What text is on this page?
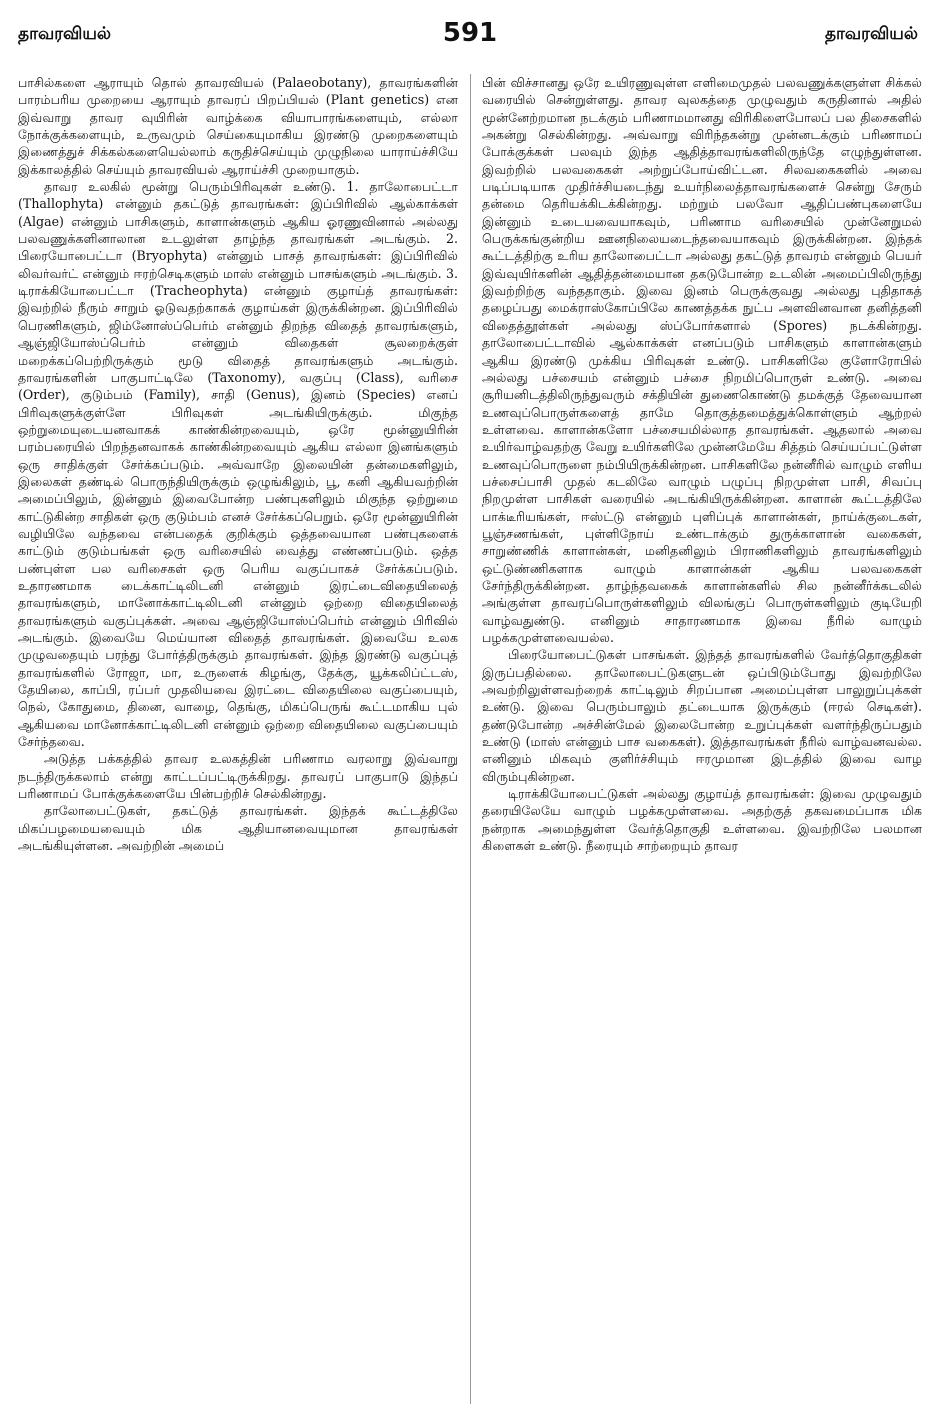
தாவரவியல்	591	தாவரவியல்

பாசில்களை ஆராயும் தொல் தாவரவியல் (Palaeobotany), தாவரங்களின் பாரம்பரிய முறையை ஆராயும் தாவரப் பிறப்பியல் (Plant genetics) என இவ்வாறு தாவர வுயிரின் வாழ்க்கை வியாபாரங்களையும், எல்லா நோக்குக்களையும், உருவமும் செய்கையுமாகிய இரண்டு முறைகளையும் இணைத்துச் சிக்கல்களையெல்லாம் கருதிச்செய்யும் முழுநிலை யாராய்ச்சியே இக்காலத்தில் செய்யும் தாவரவியல் ஆராய்ச்சி முறையாகும்.

தாவர உலகில் மூன்று பெரும்பிரிவுகள் உண்டு. 1. தாலோபைட்டா (Thallophyta) என்னும் தகட்டுத் தாவரங்கள்: இப்பிரிவில் ஆல்காக்கள் (Algae) என்னும் பாசிகளும், காளான்களும் ஆகிய ஓரணுவினால் அல்லது பலவணுக்களினாலான உடலுள்ள தாழ்ந்த தாவரங்கள் அடங்கும். 2. பிரையோபைட்டா (Bryophyta) என்னும் பாசத் தாவரங்கள்: இப்பிரிவில் லிவர்வர்ட் என்னும் ஈரற்செடிகளும் மாஸ் என்னும் பாசங்களும் அடங்கும். 3. டிராக்கியோபைட்டா (Tracheophyta) என்னும் குழாய்த் தாவரங்கள்: இவற்றில் நீரும் சாறும் ஓடுவதற்காகக் குழாய்கள் இருக்கின்றன. இப்பிரிவில் பெரணிகளும், ஜிம்னோஸ்ப்பெர்ம் என்னும் திறந்த விதைத் தாவரங்களும், ஆஞ்ஜியோஸ்ப்பெர்ம் என்னும் விதைகள் சூலறைக்குள் மறைக்கப்பெற்றிருக்கும் மூடு விதைத் தாவரங்களும் அடங்கும். தாவரங்களின் பாகுபாட்டிலே (Taxonomy), வகுப்பு (Class), வரிசை (Order), குடும்பம் (Family), சாதி (Genus), இனம் (Species) எனப் பிரிவுகளுக்குள்ளே பிரிவுகள் அடங்கியிருக்கும். மிகுந்த ஒற்றுமையுடையனவாகக் காண்கின்றவையும், ஒரே மூன்னுயிரின் பரம்பரையில் பிறந்தனவாகக் காண்கின்றவையும் ஆகிய எல்லா இனங்களும் ஒரு சாதிக்குள் சேர்க்கப்படும். அவ்வாறே இலையின் தன்மைகளிலும், இலைகள் தண்டில் பொருந்தியிருக்கும் ஒழுங்கிலும், பூ, கனி ஆகியவற்றின் அமைப்பிலும், இன்னும் இவைபோன்ற பண்புகளிலும் மிகுந்த ஒற்றுமை காட்டுகின்ற சாதிகள் ஒரு குடும்பம் எனச் சேர்க்கப்பெறும். ஒரே மூன்னுயிரின் வழியிலே வந்தவை என்பதைக் குறிக்கும் ஒத்தவையான பண்புகளைக் காட்டும் குடும்பங்கள் ஒரு வரிசையில் வைத்து எண்ணப்படும். ஒத்த பண்புள்ள பல வரிசைகள் ஒரு பெரிய வகுப்பாகச் சேர்க்கப்படும். உதாரணமாக டைக்காட்டிலிடனி என்னும் இரட்டைவிதையிலைத் தாவரங்களும், மானோக்காட்டிலிடனி என்னும் ஒற்றை விதையிலைத் தாவரங்களும் வகுப்புக்கள். அவை ஆஞ்ஜியோஸ்ப்பெர்ம் என்னும் பிரிவில் அடங்கும். இவையே மெய்யான விதைத் தாவரங்கள். இவையே உலக முழுவதையும் பரந்து போர்த்திருக்கும் தாவரங்கள். இந்த இரண்டு வகுப்புத் தாவரங்களில் ரோஜா, மா, உருளைக் கிழங்கு, தேக்கு, யூக்கலிப்ட்டஸ், தேயிலை, காப்பி, ரப்பர் முதலியவை இரட்டை விதையிலை வகுப்பையும், நெல், கோதுமை, தினை, வாழை, தெங்கு, மிகப்பெருங் கூட்டமாகிய புல் ஆகியவை மானோக்காட்டிலிடனி என்னும் ஒற்றை விதையிலை வகுப்பையும் சேர்ந்தவை.

அடுத்த பக்கத்தில் தாவர உலகத்தின் பரிணாம வரலாறு இவ்வாறு நடந்திருக்கலாம் என்று காட்டப்பட்டிருக்கிறது. தாவரப் பாகுபாடு இந்தப் பரிணாமப் போக்குக்களையே பின்பற்றிச் செல்கின்றது.

தாலோபைட்டுகள், தகட்டுத் தாவரங்கள். இந்தக் கூட்டத்திலே மிகப்பழமையவையும் மிக ஆதியானவையுமான தாவரங்கள் அடங்கியுள்ளன. அவற்றின் அமைப்

பின் விச்சானது ஒரே உயிரணுவுள்ள எளிமைமுதல் பலவணுக்களுள்ள சிக்கல் வரையில் சென்றுள்ளது. தாவர வுலகத்தை முழுவதும் கருதினால் அதில் மூன்னேற்றமான நடக்கும் பரிணாமமானது விரிகிளைபோலப் பல திசைகளில் அகன்று செல்கின்றது. அவ்வாறு விரிந்தகன்று முன்னடக்கும் பரிணாமப் போக்குக்கள் பலவும் இந்த ஆதித்தாவரங்களிலிருந்தே எழுந்துள்ளன. இவற்றில் பலவகைகள் அற்றுப்போய்விட்டன. சிலவகைகளில் அவை படிப்படியாக முதிர்ச்சியடைந்து உயர்நிலைத்தாவரங்களைச் சென்று சேரும் தன்மை தெரியக்கிடக்கின்றது. மற்றும் பலவோ ஆதிப்பண்புகளையே இன்னும் உடையவையாகவும், பரிணாம வரிசையில் முன்னேறுமல் பெருக்கங்குன்றிய ஊனநிலையடைந்தவையாகவும் இருக்கின்றன. இந்தக் கூட்டத்திற்கு உரிய தாலோபைட்டா அல்லது தகட்டுத் தாவரம் என்னும் பெயர் இவ்வுயிர்களின் ஆதித்தன்மையான தகடுபோன்ற உடலின் அமைப்பிலிருந்து இவற்றிற்கு வந்ததாகும். இவை இனம் பெருக்குவது அல்லது புதிதாகத் தழைப்பது மைக்ராஸ்கோப்பிலே காணத்தக்க நுட்ப அளவினவான தனித்தனி விதைத்தூள்கள் அல்லது ஸ்ப்போர்களால் (Spores) நடக்கின்றது. தாலோபைட்டாவில் ஆல்காக்கள் எனப்படும் பாசிகளும் காளான்களும் ஆகிய இரண்டு முக்கிய பிரிவுகள் உண்டு. பாசிகளிலே குளோரோபில் அல்லது பச்சையம் என்னும் பச்சை நிறமிப்பொருள் உண்டு. அவை சூரியனிடத்திலிருந்துவரும் சக்தியின் துணைகொண்டு தமக்குத் தேவையான உணவுப்பொருள்களைத் தாமே தொகுத்தமைத்துக்கொள்ளும் ஆற்றல் உள்ளவை. காளான்களோ பச்சையமில்லாத தாவரங்கள். ஆதலால் அவை உயிர்வாழ்வதற்கு வேறு உயிர்களிலே முன்னமேயே சித்தம் செய்யப்பட்டுள்ள உணவுப்பொருளை நம்பியிருக்கின்றன. பாசிகளிலே நன்னீரில் வாழும் எளிய பச்சைப்பாசி முதல் கடலிலே வாழும் பழுப்பு நிறமுள்ள பாசி, சிவப்பு நிறமுள்ள பாசிகள் வரையில் அடங்கியிருக்கின்றன. காளான் கூட்டத்திலே பாக்டீரியங்கள், ஈஸ்ட்டு என்னும் புளிப்புக் காளான்கள், நாய்க்குடைகள், பூஞ்சணங்கள், புள்ளிநோய் உண்டாக்கும் துருக்காளான் வகைகள், சாறுண்ணிக் காளான்கள், மனிதனிலும் பிராணிகளிலும் தாவரங்களிலும் ஒட்டுண்ணிகளாக வாழும் காளான்கள் ஆகிய பலவகைகள் சேர்ந்திருக்கின்றன. தாழ்ந்தவகைக் காளான்களில் சில நன்னீர்க்கடலில் அங்குள்ள தாவரப்பொருள்களிலும் விலங்குப் பொருள்களிலும் குடியேறி வாழ்வதுண்டு. எனினும் சாதாரணமாக இவை நீரில் வாழும் பழக்கமுள்ளவையல்ல.

பிரையோபைட்டுகள் பாசங்கள். இந்தத் தாவரங்களில் வேர்த்தொகுதிகள் இருப்பதில்லை. தாலோபைட்டுகளுடன் ஒப்பிடும்போது இவற்றிலே அவற்றிலுள்ளவற்றைக் காட்டிலும் சிறப்பான அமைப்புள்ள பாலுறுப்புக்கள் உண்டு. இவை பெரும்பாலும் தட்டையாக இருக்கும் (ஈரல் செடிகள்). தண்டுபோன்ற அச்சின்மேல் இலைபோன்ற உறுப்புக்கள் வளர்ந்திருப்பதும் உண்டு (மாஸ் என்னும் பாச வகைகள்). இத்தாவரங்கள் நீரில் வாழ்வனவல்ல. எனினும் மிகவும் குளிர்ச்சியும் ஈரமுமான இடத்தில் இவை வாழ விரும்புகின்றன.

டிராக்கியோபைட்டுகள் அல்லது குழாய்த் தாவரங்கள்: இவை முழுவதும் தரையிலேயே வாழும் பழக்கமுள்ளவை. அதற்குத் தகவமைப்பாக மிக நன்றாக அமைந்துள்ள வேர்த்தொகுதி உள்ளவை. இவற்றிலே பலமான கிளைகள் உண்டு. நீரையும் சாற்றையும் தாவர
